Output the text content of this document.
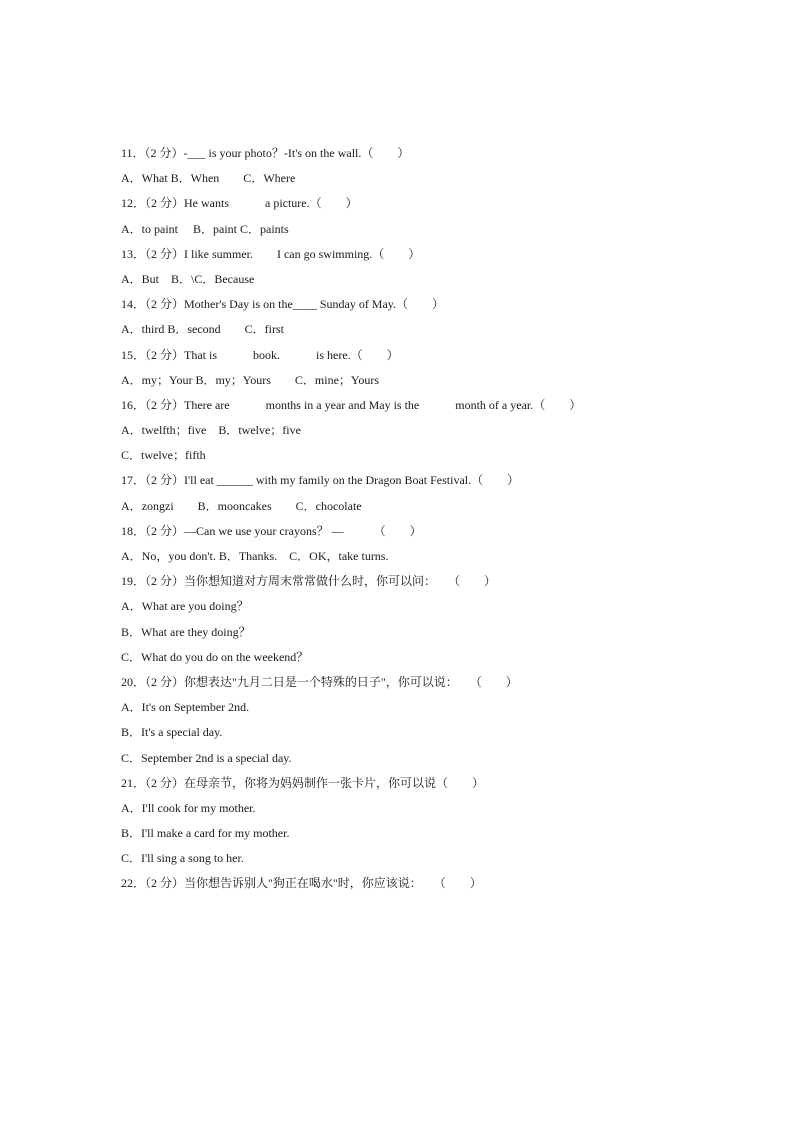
11．（2 分）-___ is your photo？-It's on the wall.（　　）
A．What B．When　　C．Where
12．（2 分）He wants　　　a picture.（　　）
A．to paint　 B．paint C．paints
13．（2 分）I like summer.　　I can go swimming.（　　）
A．But　B．\C．Because
14．（2 分）Mother's Day is on the____ Sunday of May.（　　）
A．third B．second　　C．first
15．（2 分）That is　　　book.　　　is here.（　　）
A．my；Your B．my；Yours　　C．mine；Yours
16．（2 分）There are　　　months in a year and May is the　　　month of a year.（　　）
A．twelfth；five　B．twelve；five
C．twelve；fifth
17．（2 分）I'll eat ______ with my family on the Dragon Boat Festival.（　　）
A．zongzi　　B．mooncakes　　C．chocolate
18．（2 分）—Can we use your crayons？ —　　　（　　）
A．No，you don't. B．Thanks.　C．OK，take turns.
19．（2 分）当你想知道对方周末常常做什么时，你可以问：　　（　　）
A．What are you doing？
B．What are they doing？
C．What do you do on the weekend？
20．（2 分）你想表达"九月二日是一个特殊的日子"，你可以说：　　（　　）
A．It's on September 2nd.
B．It's a special day.
C．September 2nd is a special day.
21．（2 分）在母亲节，你将为妈妈制作一张卡片，你可以说（　　）
A．I'll cook for my mother.
B．I'll make a card for my mother.
C．I'll sing a song to her.
22．（2 分）当你想告诉别人"狗正在喝水"时，你应该说：　　（　　）
